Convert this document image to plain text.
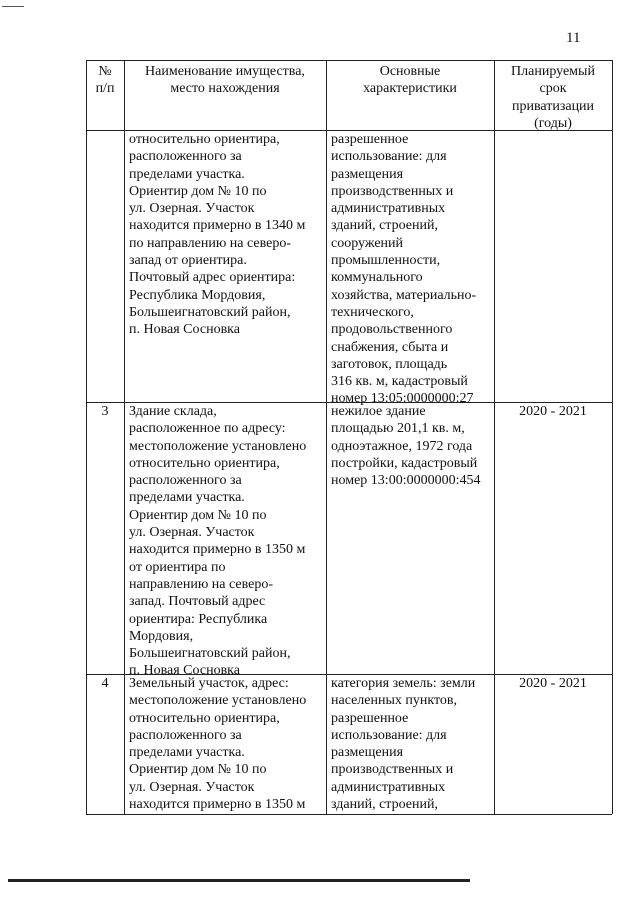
11
№
п/п
Наименование имущества,
место нахождения
Основные
характеристики
Планируемый
срок
приватизации
(годы)
относительно ориентира,
расположенного за
пределами участка.
Ориентир дом № 10 по
ул. Озерная. Участок
находится примерно в 1340 м
по направлению на северо-
запад от ориентира.
Почтовый адрес ориентира:
Республика Мордовия,
Большеигнатовский район,
п. Новая Сосновка
разрешенное
использование: для
размещения
производственных и
административных
зданий, строений,
сооружений
промышленности,
коммунального
хозяйства, материально-
технического,
продовольственного
снабжения, сбыта и
заготовок, площадь
316 кв. м, кадастровый
номер 13:05:0000000:27
3	Здание склада,
расположенное по адресу:
местоположение установлено
относительно ориентира,
расположенного за
пределами участка.
Ориентир дом № 10 по
ул. Озерная. Участок
находится примерно в 1350 м
от ориентира по
направлению на северо-
запад. Почтовый адрес
ориентира: Республика
Мордовия,
Большеигнатовский район,
п. Новая Сосновка
нежилое здание
площадью 201,1 кв. м,
одноэтажное, 1972 года
постройки, кадастровый
номер 13:00:0000000:454
2020 - 2021
4	Земельный участок, адрес:
местоположение установлено
относительно ориентира,
расположенного за
пределами участка.
Ориентир дом № 10 по
ул. Озерная. Участок
находится примерно в 1350 м
категория земель: земли
населенных пунктов,
разрешенное
использование: для
размещения
производственных и
административных
зданий, строений,
2020 - 2021
